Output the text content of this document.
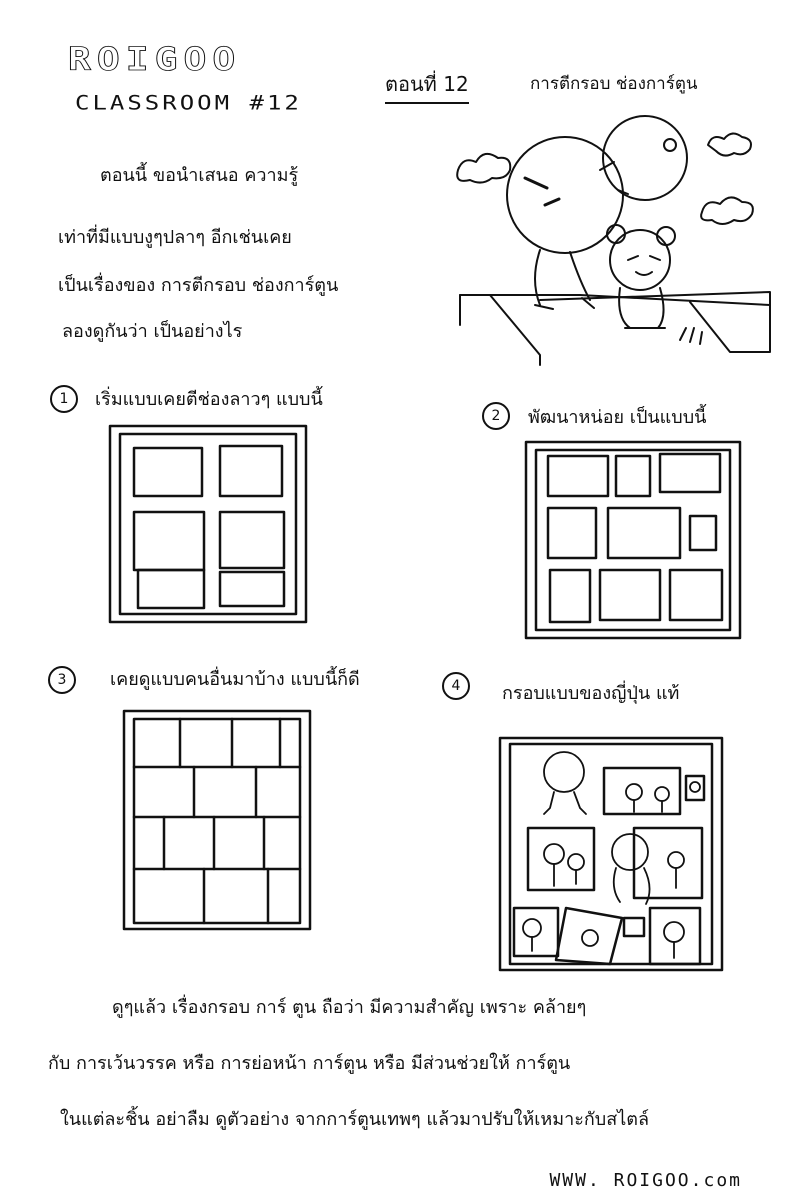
ROIGOO
CLASSROOM #12
ตอนที่ 12	การตีกรอบ ช่องการ์ตูน
ตอนนี้ ขอนำเสนอ ความรู้
เท่าที่มีแบบงูๆปลาๆ อีกเช่นเคย
เป็นเรื่องของ การตีกรอบ ช่องการ์ตูน
ลองดูกันว่า เป็นอย่างไร
1	เริ่มแบบเคยตีช่องลาวๆ แบบนี้
2	พัฒนาหน่อย เป็นแบบนี้
3	เคยดูแบบคนอื่นมาบ้าง แบบนี้ก็ดี	4	กรอบแบบของญี่ปุ่น แท้
ดูๆแล้ว เรื่องกรอบ การ์ ตูน ถือว่า มีความสำคัญ เพราะ คล้ายๆ
กับ การเว้นวรรค หรือ การย่อหน้า การ์ตูน หรือ มีส่วนช่วยให้ การ์ตูน
ในแต่ละชิ้น อย่าลืม ดูตัวอย่าง จากการ์ตูนเทพๆ แล้วมาปรับให้เหมาะกับสไตล์
WWW. ROIGOO.com
